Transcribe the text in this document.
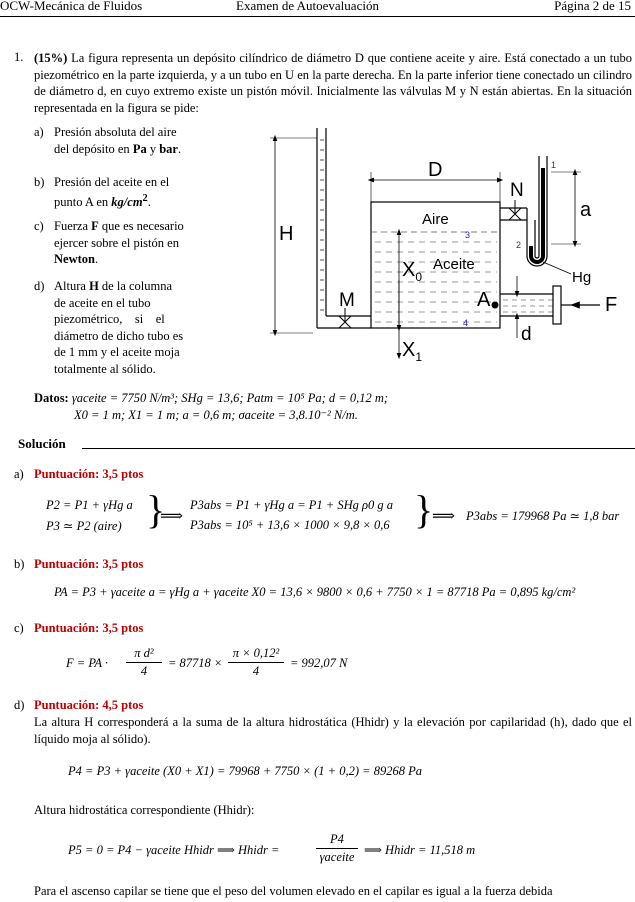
OCW-Mecánica de Fluidos	Examen de Autoevaluación	Página 2 de 15
1. (15%) La figura representa un depósito cilíndrico de diámetro D que contiene aceite y aire. Está conectado a un tubo piezométrico en la parte izquierda, y a un tubo en U en la parte derecha. En la parte inferior tiene conectado un cilindro de diámetro d, en cuyo extremo existe un pistón móvil. Inicialmente las válvulas M y N están abiertas. En la situación representada en la figura se pide:
a) Presión absoluta del aire
del depósito en Pa y bar.
b) Presión del aceite en el
punto A en $kg/cm^2$.
c) Fuerza F que es necesario
ejercer sobre el pistón en
Newton.
d) Altura H de la columna
de aceite en el tubo
piezométrico,    si    el
diámetro de dicho tubo es
de 1 mm y el aceite moja
totalmente al sólido.
H
M
$X_1$
D
Aire
Aceite
$X_0$
3
4
N
1
2
a
Hg
F
A
d
Datos: γaceite = 7750 N/m³; SHg = 13,6; Patm = 10⁵ Pa; d = 0,12 m;
X0 = 1 m; X1 = 1 m; a = 0,6 m; σaceite = 3,8.10⁻² N/m.
Solución
a) Puntuación: 3,5 ptos
P2 = P1 + γHg a
P3 ≃ P2 (aire) }
⟹
P3abs = P1 + γHg a = P1 + SHg ρ0 g a
P3abs = 10⁵ + 13,6 × 1000 × 9,8 × 0,6 }
⟹ P3abs = 179968 Pa ≃ 1,8 bar
b) Puntuación: 3,5 ptos
PA = P3 + γaceite a = γHg a + γaceite X0 = 13,6 × 9800 × 0,6 + 7750 × 1 = 87718 Pa = 0,895 kg/cm²
c) Puntuación: 3,5 ptos
F = PA ·
π d²
4
= 87718 ×
π × 0,12²
4
= 992,07 N
d) Puntuación: 4,5 ptos
La altura H corresponderá a la suma de la altura hidrostática (Hhidr) y la elevación por capilaridad (h), dado que el líquido moja al sólido).
P4 = P3 + γaceite (X0 + X1) = 79968 + 7750 × (1 + 0,2) = 89268 Pa
Altura hidrostática correspondiente (Hhidr):
P5 = 0 = P4 − γaceite Hhidr ⟹ Hhidr =
P4
γaceite ⟹ Hhidr = 11,518 m
Para el ascenso capilar se tiene que el peso del volumen elevado en el capilar es igual a la fuerza debida
